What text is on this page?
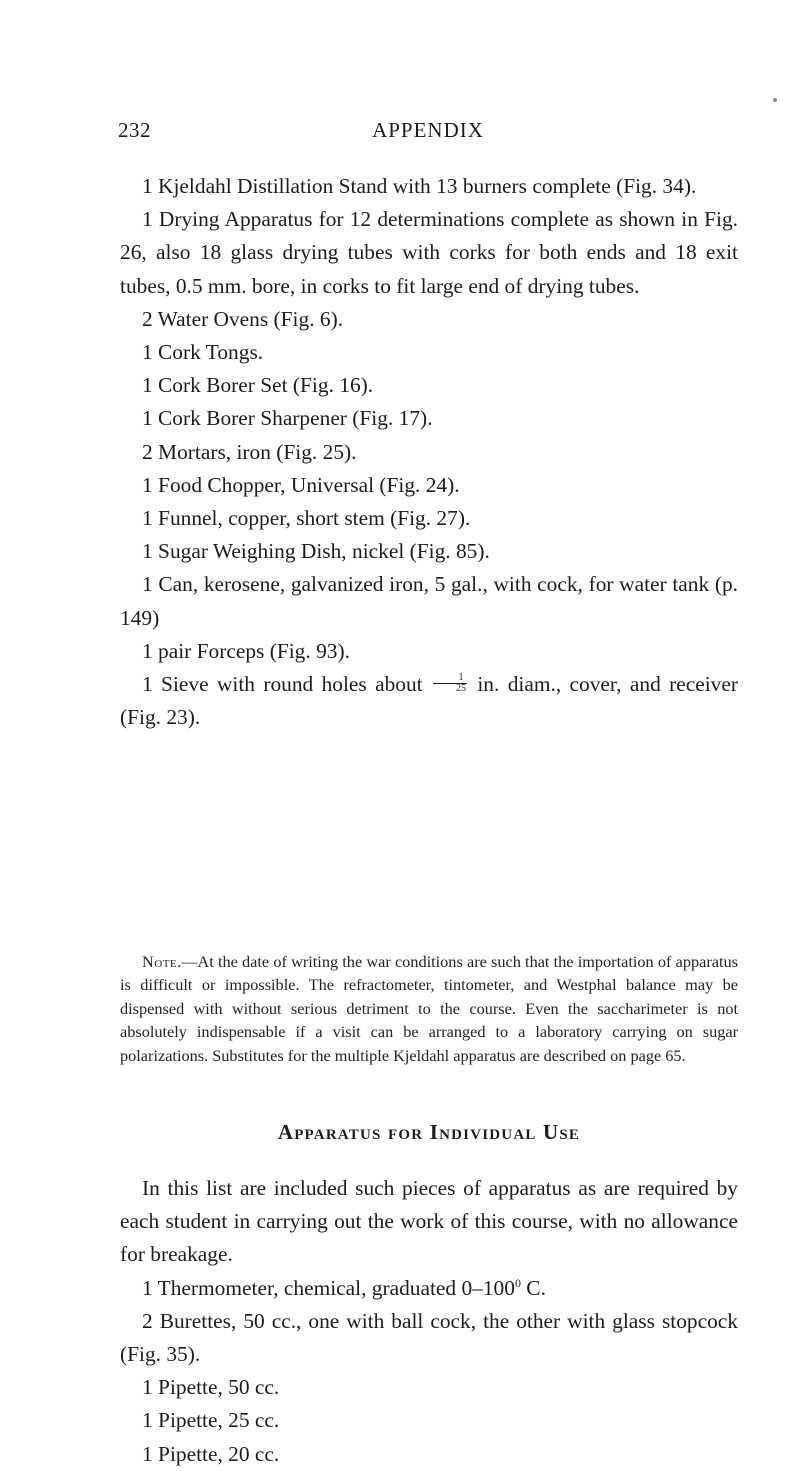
232	APPENDIX

1 Kjeldahl Distillation Stand with 13 burners complete (Fig. 34).

1 Drying Apparatus for 12 determinations complete as shown in Fig. 26, also 18 glass drying tubes with corks for both ends and 18 exit tubes, 0.5 mm. bore, in corks to fit large end of drying tubes.

2 Water Ovens (Fig. 6).

1 Cork Tongs.

1 Cork Borer Set (Fig. 16).

1 Cork Borer Sharpener (Fig. 17).

2 Mortars, iron (Fig. 25).

1 Food Chopper, Universal (Fig. 24).

1 Funnel, copper, short stem (Fig. 27).

1 Sugar Weighing Dish, nickel (Fig. 85).

1 Can, kerosene, galvanized iron, 5 gal., with cock, for water tank (p. 149)

1 pair Forceps (Fig. 93).

1 Sieve with round holes about $\frac{1}{25}$ in. diam., cover, and receiver (Fig. 23).

Note.—At the date of writing the war conditions are such that the importation of apparatus is difficult or impossible. The refractometer, tintometer, and Westphal balance may be dispensed with without serious detriment to the course. Even the saccharimeter is not absolutely indispensable if a visit can be arranged to a laboratory carrying on sugar polarizations. Substitutes for the multiple Kjeldahl apparatus are described on page 65.

Apparatus for Individual Use

In this list are included such pieces of apparatus as are required by each student in carrying out the work of this course, with no allowance for breakage.

1 Thermometer, chemical, graduated $0-100^0$ C.

2 Burettes, 50 cc., one with ball cock, the other with glass stopcock (Fig. 35).

1 Pipette, 50 cc.

1 Pipette, 25 cc.

1 Pipette, 20 cc.
